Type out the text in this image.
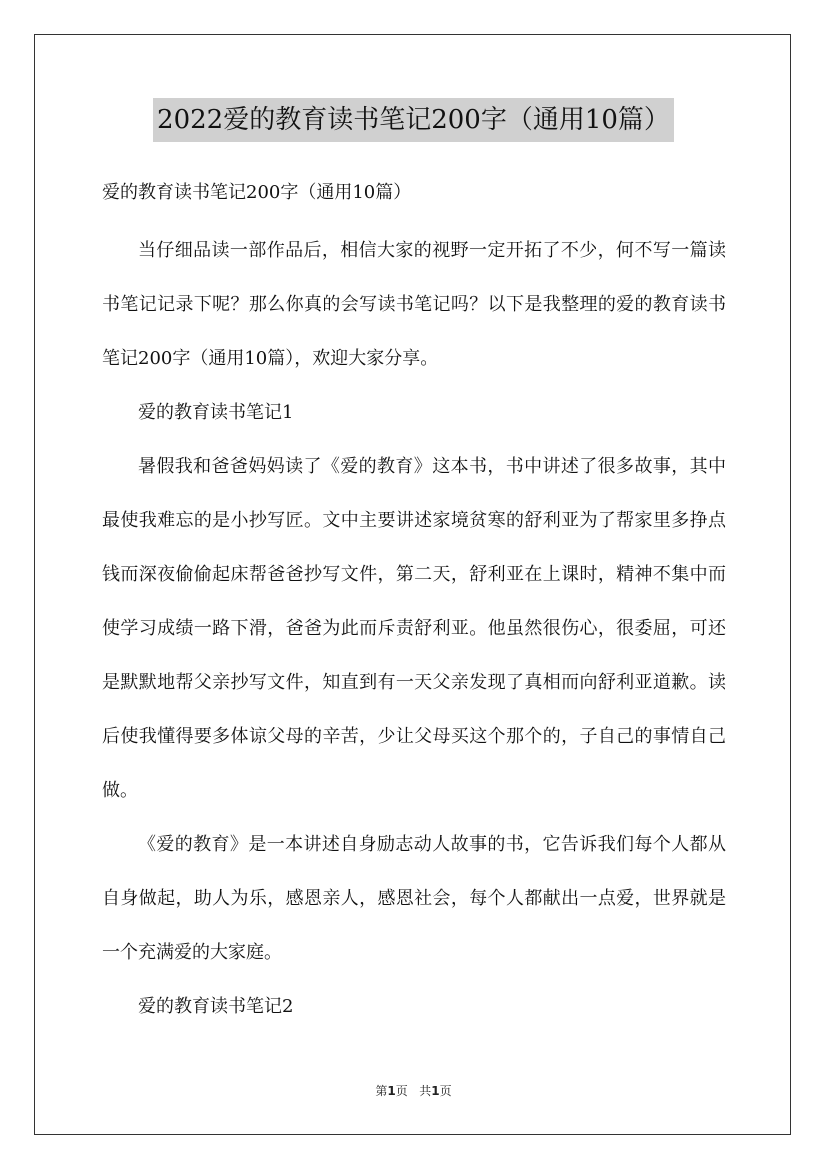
2022爱的教育读书笔记200字（通用10篇）

爱的教育读书笔记200字（通用10篇）

当仔细品读一部作品后，相信大家的视野一定开拓了不少，何不写一篇读书笔记记录下呢？那么你真的会写读书笔记吗？以下是我整理的爱的教育读书笔记200字（通用10篇），欢迎大家分享。

爱的教育读书笔记1

暑假我和爸爸妈妈读了《爱的教育》这本书，书中讲述了很多故事，其中最使我难忘的是小抄写匠。文中主要讲述家境贫寒的舒利亚为了帮家里多挣点钱而深夜偷偷起床帮爸爸抄写文件，第二天，舒利亚在上课时，精神不集中而使学习成绩一路下滑，爸爸为此而斥责舒利亚。他虽然很伤心，很委屈，可还是默默地帮父亲抄写文件，知直到有一天父亲发现了真相而向舒利亚道歉。读后使我懂得要多体谅父母的辛苦，少让父母买这个那个的，子自己的事情自己做。

《爱的教育》是一本讲述自身励志动人故事的书，它告诉我们每个人都从自身做起，助人为乐，感恩亲人，感恩社会，每个人都献出一点爱，世界就是一个充满爱的大家庭。

爱的教育读书笔记2

第1页 共1页
